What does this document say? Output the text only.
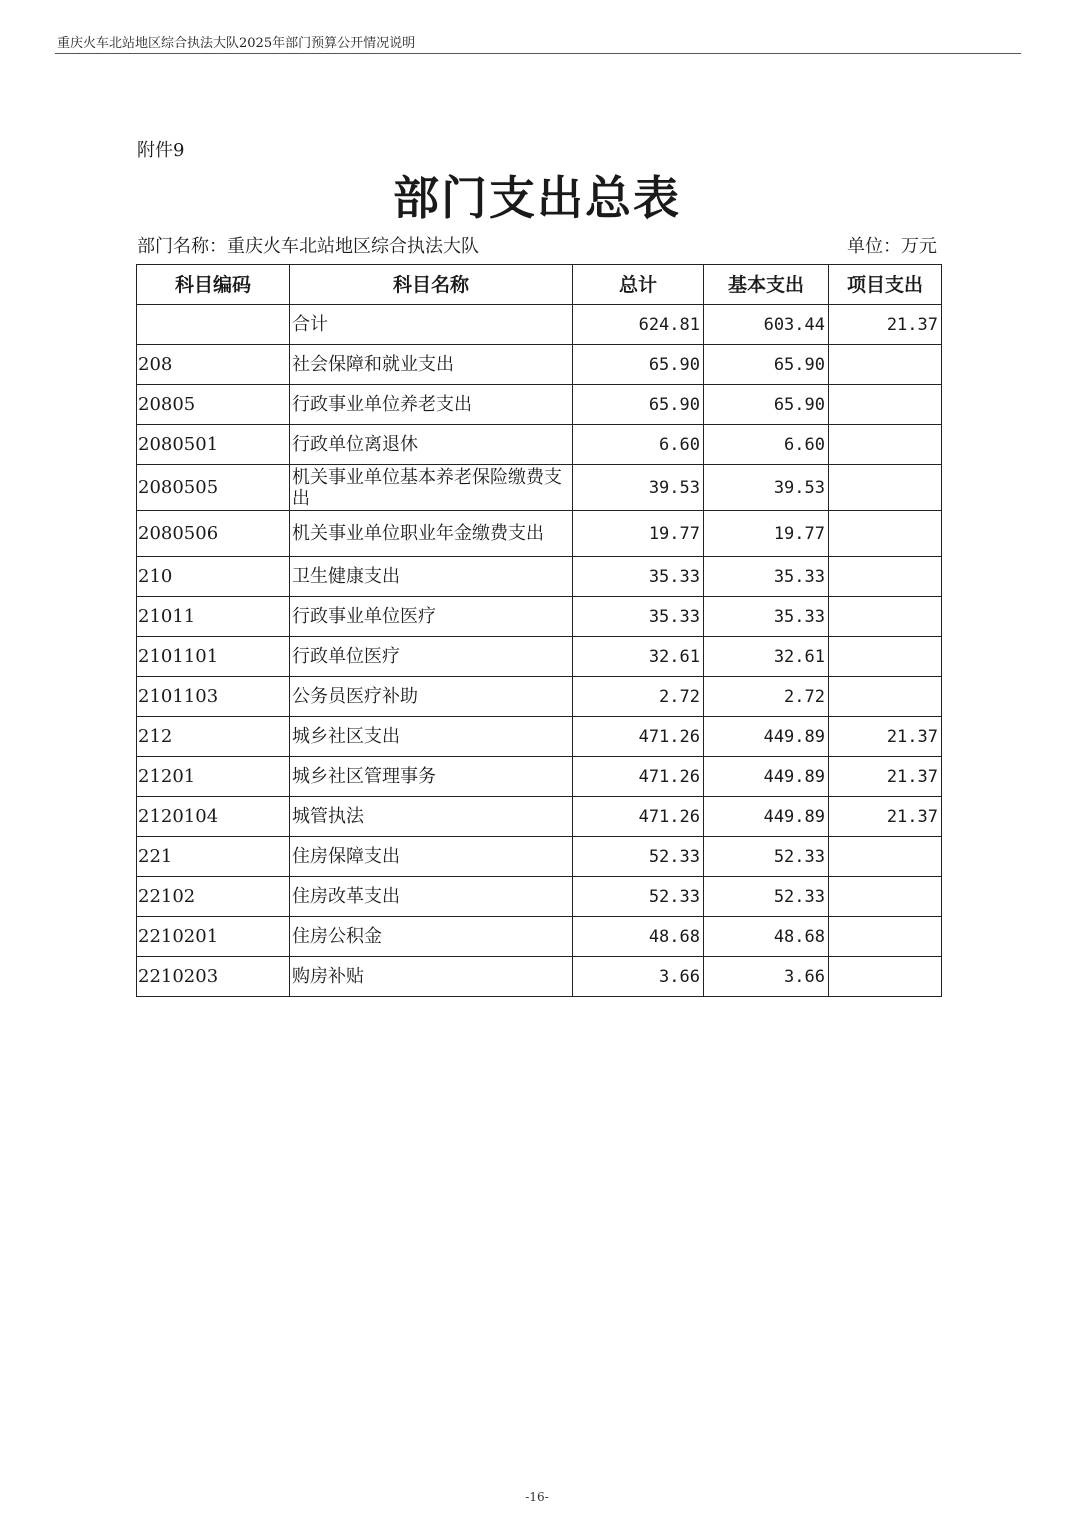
重庆火车北站地区综合执法大队2025年部门预算公开情况说明
附件9
部门支出总表
部门名称：重庆火车北站地区综合执法大队	单位：万元
科目编码	科目名称	总计	基本支出	项目支出
	合计	624.81	603.44	21.37
208	社会保障和就业支出	65.90	65.90	
20805	行政事业单位养老支出	65.90	65.90	
2080501	行政单位离退休	6.60	6.60	
2080505	机关事业单位基本养老保险缴费支出	39.53	39.53	
2080506	机关事业单位职业年金缴费支出	19.77	19.77	
210	卫生健康支出	35.33	35.33	
21011	行政事业单位医疗	35.33	35.33	
2101101	行政单位医疗	32.61	32.61	
2101103	公务员医疗补助	2.72	2.72	
212	城乡社区支出	471.26	449.89	21.37
21201	城乡社区管理事务	471.26	449.89	21.37
2120104	城管执法	471.26	449.89	21.37
221	住房保障支出	52.33	52.33	
22102	住房改革支出	52.33	52.33	
2210201	住房公积金	48.68	48.68	
2210203	购房补贴	3.66	3.66	
-16-
